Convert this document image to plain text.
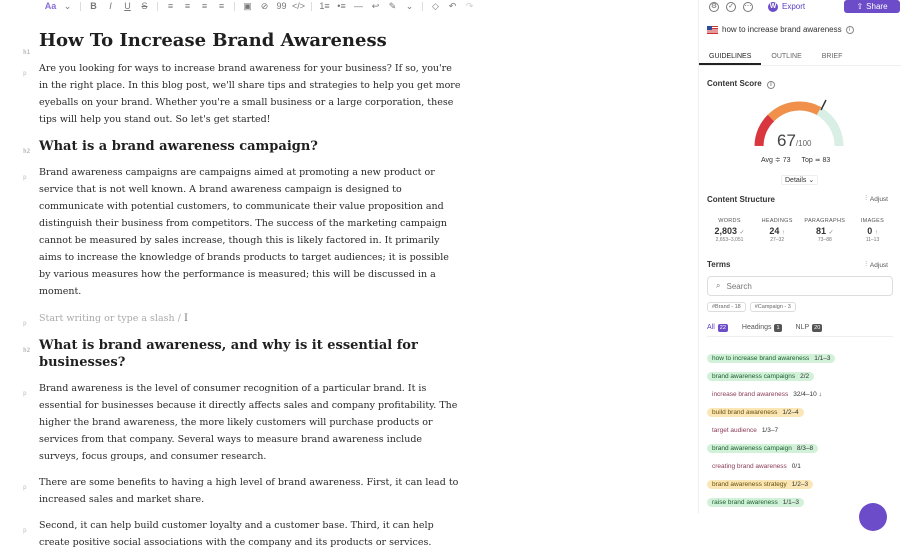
Aa ⌄	B	I	U	S	≡	≡	≡	≡	▣ ⊘ 99 </>	1≡ •≡ — ↩	✎	⌄	◇	↶	↷
h1
How To Increase Brand Awareness
p Are you looking for ways to increase brand awareness for your business? If so, you're in the right place. In this blog post, we'll share tips and strategies to help you get more eyeballs on your brand. Whether you're a small business or a large corporation, these tips will help you stand out. So let's get started!
h2 What is a brand awareness campaign?
p Brand awareness campaigns are campaigns aimed at promoting a new product or service that is not well known. A brand awareness campaign is designed to communicate with potential customers, to communicate their value proposition and distinguish their business from competitors. The success of the marketing campaign cannot be measured by sales increase, though this is likely factored in. It primarily aims to increase the knowledge of brands products to target audiences; it is possible by various measures how the performance is measured; this will be discussed in a moment.
p Start writing or type a slash / I
h2 What is brand awareness, and why is it essential for businesses?
p Brand awareness is the level of consumer recognition of a particular brand. It is essential for businesses because it directly affects sales and company profitability. The higher the brand awareness, the more likely customers will purchase products or services from that company. Several ways to measure brand awareness include surveys, focus groups, and consumer research.
p There are some benefits to having a high level of brand awareness. First, it can lead to increased sales and market share.
p Second, it can help build customer loyalty and a customer base. Third, it can help create positive social associations with the company and its products or services.
⚙ ✓ ⋯	W Export	⇧ Share
how to increase brand awareness	i
GUIDELINES	OUTLINE	BRIEF
Content Score i
67/100
Avg ≑ 73 Top ≖ 83
Details ⌄
Content Structure	⫶ Adjust
WORDS
2,803 ✓
2,653–3,051
HEADINGS
24 ↑
27–32
PARAGRAPHS
81 ✓
73–88
IMAGES
0 ↑
11–13
Terms	⫶ Adjust
⌕ Search
#Brand - 18	#Campaign - 3
All 22 Headings 1 NLP 20
how to increase brand awareness 1/1–3
brand awareness campaigns 2/2
increase brand awareness 32/4–10 ↓
build brand awareness 1/2–4
target audience 1/3–7
brand awareness campaign 8/3–8
creating brand awareness 0/1
brand awareness strategy 1/2–3
raise brand awareness 1/1–3
